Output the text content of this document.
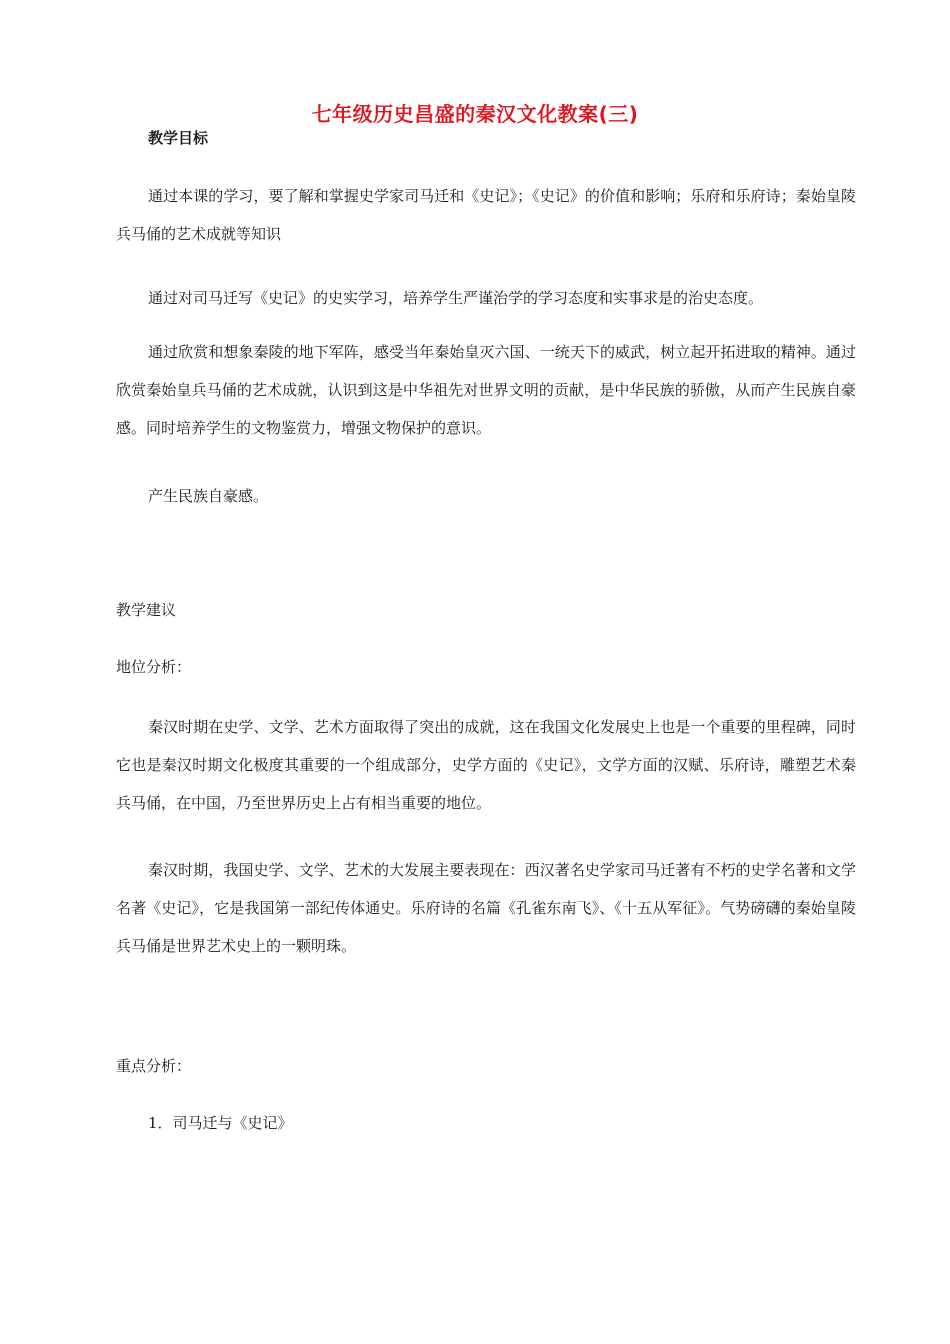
七年级历史昌盛的秦汉文化教案(三)
教学目标

通过本课的学习，要了解和掌握史学家司马迁和《史记》；《史记》的价值和影响；乐府和乐府诗；秦始皇陵兵马俑的艺术成就等知识

通过对司马迁写《史记》的史实学习，培养学生严谨治学的学习态度和实事求是的治史态度。

通过欣赏和想象秦陵的地下军阵，感受当年秦始皇灭六国、一统天下的威武，树立起开拓进取的精神。通过欣赏秦始皇兵马俑的艺术成就，认识到这是中华祖先对世界文明的贡献，是中华民族的骄傲，从而产生民族自豪感。同时培养学生的文物鉴赏力，增强文物保护的意识。

产生民族自豪感。

教学建议
地位分析：

秦汉时期在史学、文学、艺术方面取得了突出的成就，这在我国文化发展史上也是一个重要的里程碑，同时它也是秦汉时期文化极度其重要的一个组成部分，史学方面的《史记》，文学方面的汉赋、乐府诗，雕塑艺术秦兵马俑，在中国，乃至世界历史上占有相当重要的地位。

秦汉时期，我国史学、文学、艺术的大发展主要表现在：西汉著名史学家司马迁著有不朽的史学名著和文学名著《史记》，它是我国第一部纪传体通史。乐府诗的名篇《孔雀东南飞》、《十五从军征》。气势磅礴的秦始皇陵兵马俑是世界艺术史上的一颗明珠。

重点分析：
1．司马迁与《史记》
